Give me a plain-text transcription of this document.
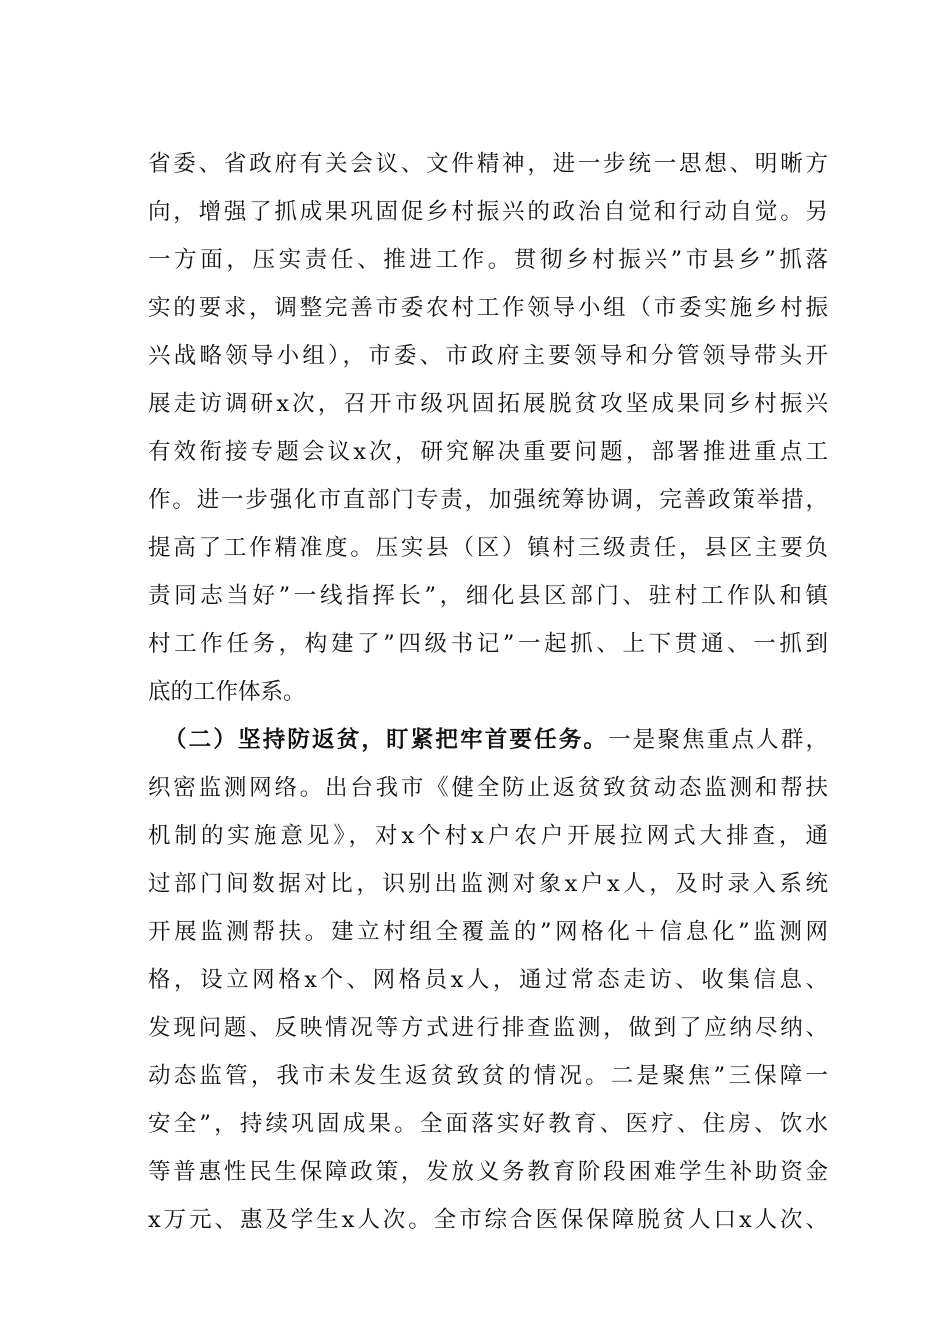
省委、省政府有关会议、文件精神，进一步统一思想、明晰方
向，增强了抓成果巩固促乡村振兴的政治自觉和行动自觉。另
一方面，压实责任、推进工作。贯彻乡村振兴”市县乡”抓落
实的要求，调整完善市委农村工作领导小组（市委实施乡村振
兴战略领导小组），市委、市政府主要领导和分管领导带头开
展走访调研x次，召开市级巩固拓展脱贫攻坚成果同乡村振兴
有效衔接专题会议x次，研究解决重要问题，部署推进重点工
作。进一步强化市直部门专责，加强统筹协调，完善政策举措，
提高了工作精准度。压实县（区）镇村三级责任，县区主要负
责同志当好”一线指挥长”，细化县区部门、驻村工作队和镇
村工作任务，构建了”四级书记”一起抓、上下贯通、一抓到
底的工作体系。
（二）坚持防返贫，盯紧把牢首要任务。一是聚焦重点人群，
织密监测网络。出台我市《健全防止返贫致贫动态监测和帮扶
机制的实施意见》，对x个村x户农户开展拉网式大排查，通
过部门间数据对比，识别出监测对象x户x人，及时录入系统
开展监测帮扶。建立村组全覆盖的”网格化＋信息化”监测网
格，设立网格x个、网格员x人，通过常态走访、收集信息、
发现问题、反映情况等方式进行排查监测，做到了应纳尽纳、
动态监管，我市未发生返贫致贫的情况。二是聚焦”三保障一
安全”，持续巩固成果。全面落实好教育、医疗、住房、饮水
等普惠性民生保障政策，发放义务教育阶段困难学生补助资金
x万元、惠及学生x人次。全市综合医保保障脱贫人口x人次、
